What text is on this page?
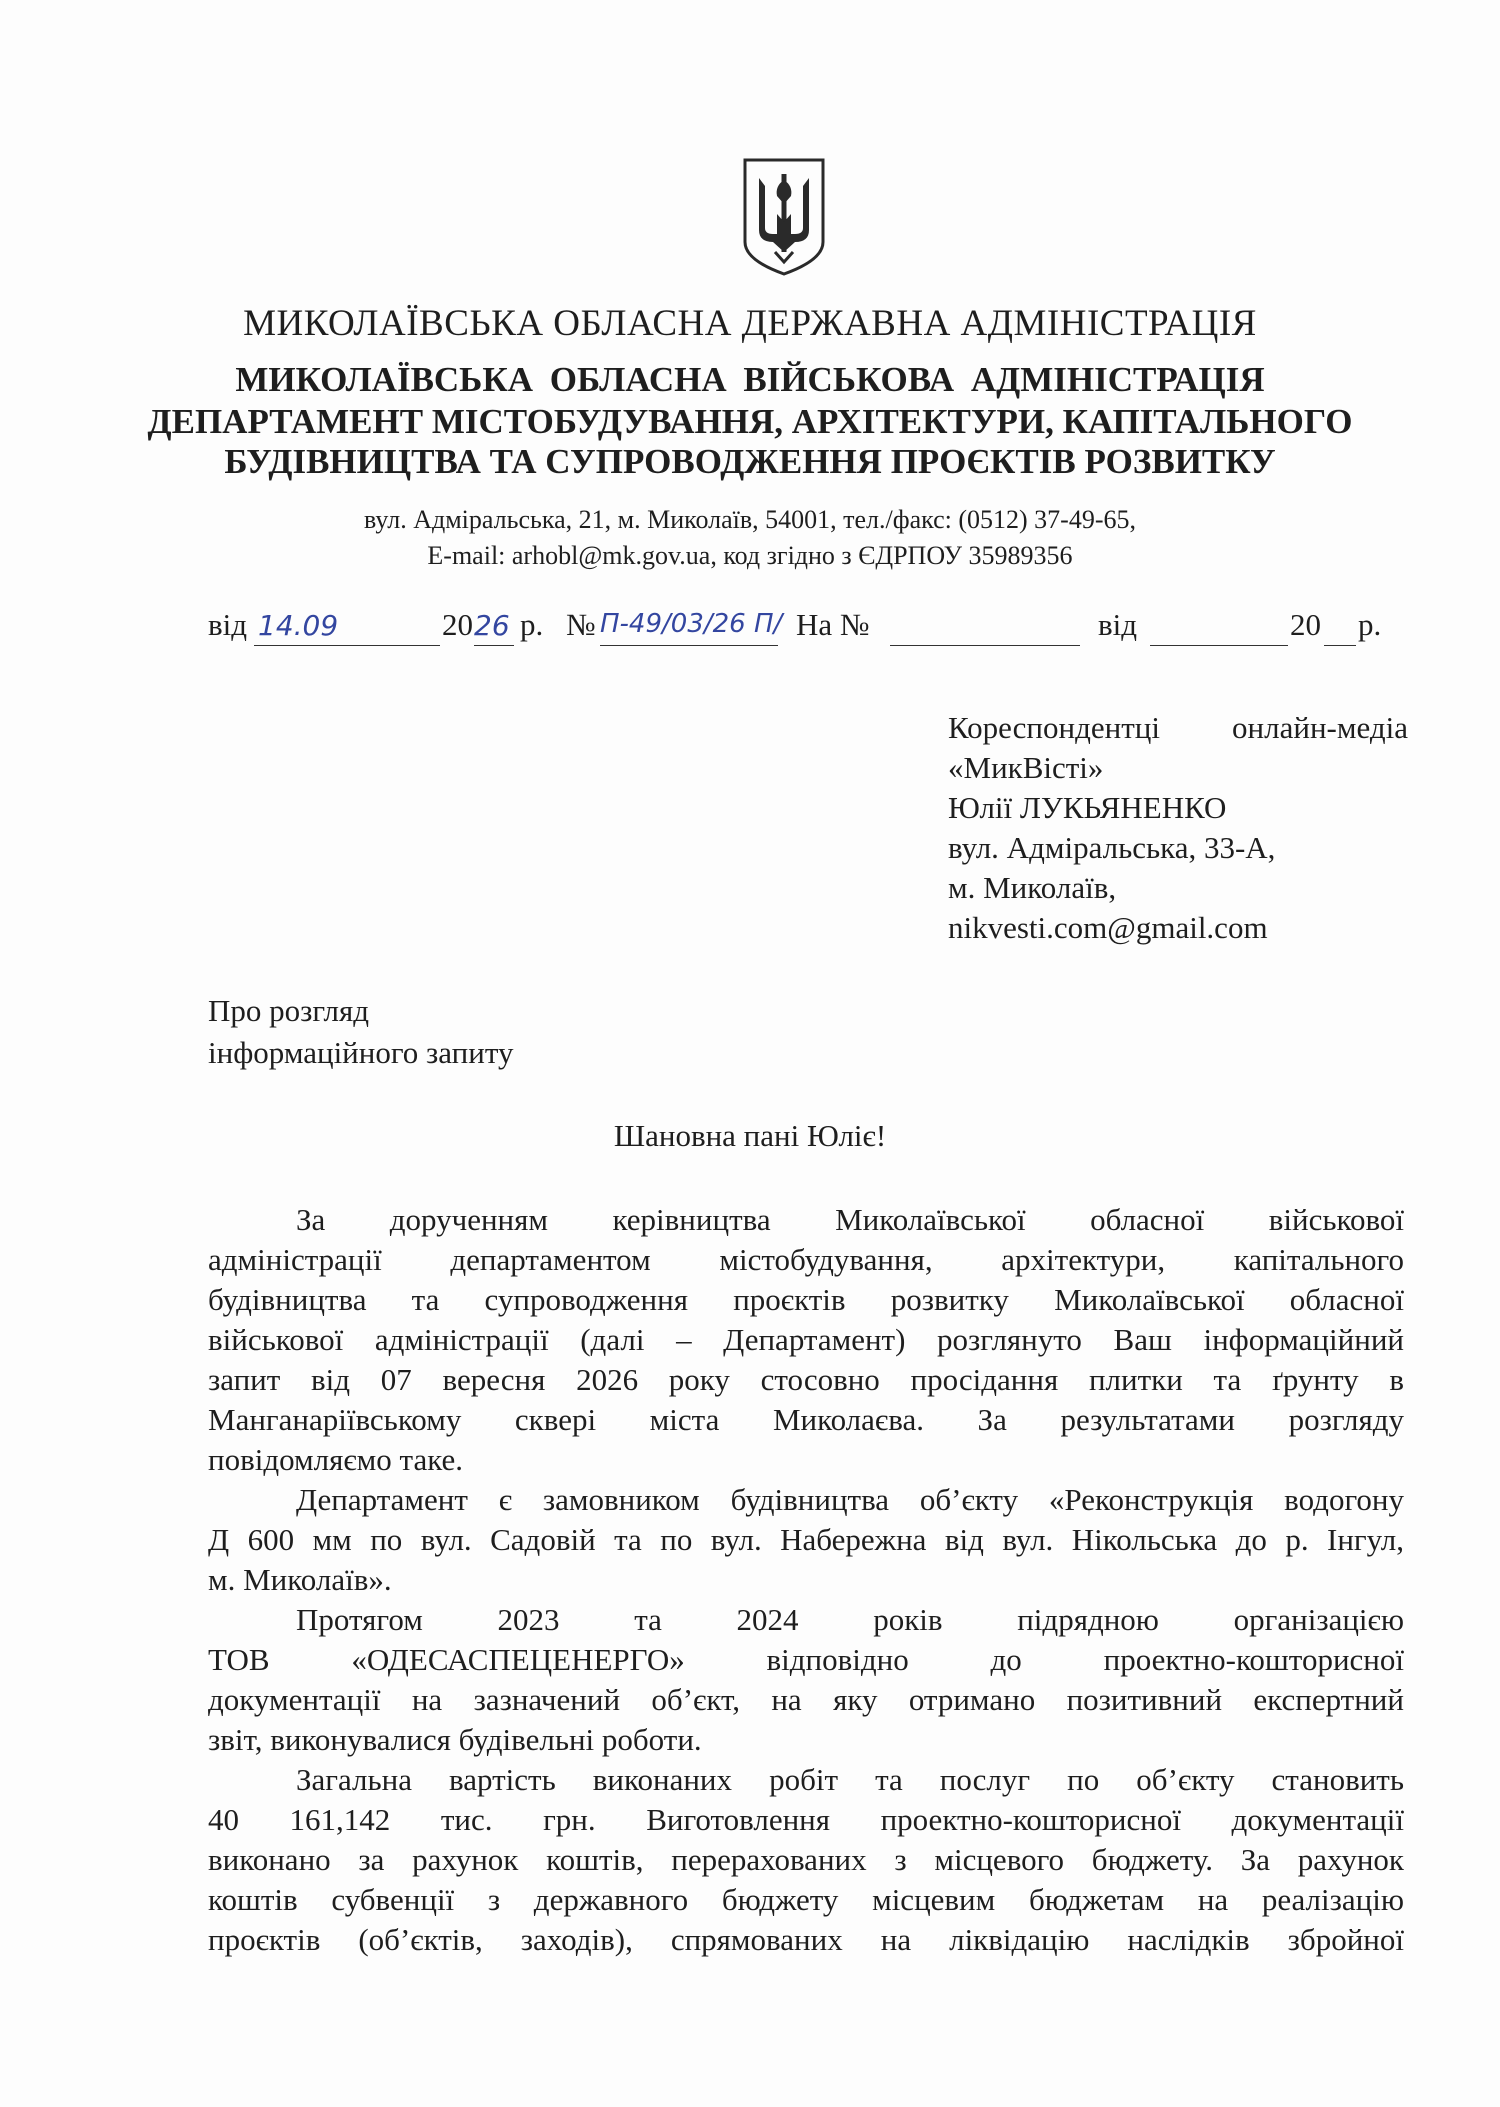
МИКОЛАЇВСЬКА ОБЛАСНА ДЕРЖАВНА АДМІНІСТРАЦІЯ
МИКОЛАЇВСЬКА ОБЛАСНА ВІЙСЬКОВА АДМІНІСТРАЦІЯ
ДЕПАРТАМЕНТ МІСТОБУДУВАННЯ, АРХІТЕКТУРИ, КАПІТАЛЬНОГО
БУДІВНИЦТВА ТА СУПРОВОДЖЕННЯ ПРОЄКТІВ РОЗВИТКУ
вул. Адміральська, 21, м. Миколаїв, 54001, тел./факс: (0512) 37-49-65,
E-mail: arhobl@mk.gov.ua, код згідно з ЄДРПОУ 35989356
від 14.09	20 26 р. № П-49/03/26 П/ На №	від	20 р.
Кореспондентці онлайн-медіа
«МикВісті»
Юлії ЛУКЬЯНЕНКО
вул. Адміральська, 33-А,
м. Миколаїв,
nikvesti.com@gmail.com
Про розгляд
інформаційного запиту
Шановна пані Юліє!
За дорученням керівництва Миколаївської обласної військової
адміністрації департаментом містобудування, архітектури, капітального
будівництва та супроводження проєктів розвитку Миколаївської обласної
військової адміністрації (далі – Департамент) розглянуто Ваш інформаційний
запит від 07 вересня 2026 року стосовно просідання плитки та ґрунту в
Манганаріївському сквері міста Миколаєва. За результатами розгляду
повідомляємо таке.
Департамент є замовником будівництва об’єкту «Реконструкція водогону
Д 600 мм по вул. Садовій та по вул. Набережна від вул. Нікольська до р. Інгул,
м. Миколаїв».
Протягом 2023 та 2024 років підрядною організацією
ТОВ «ОДЕСАСПЕЦЕНЕРГО» відповідно до проектно-кошторисної
документації на зазначений об’єкт, на яку отримано позитивний експертний
звіт, виконувалися будівельні роботи.
Загальна вартість виконаних робіт та послуг по об’єкту становить
40 161,142 тис. грн. Виготовлення проектно-кошторисної документації
виконано за рахунок коштів, перерахованих з місцевого бюджету. За рахунок
коштів субвенції з державного бюджету місцевим бюджетам на реалізацію
проєктів (об’єктів, заходів), спрямованих на ліквідацію наслідків збройної
